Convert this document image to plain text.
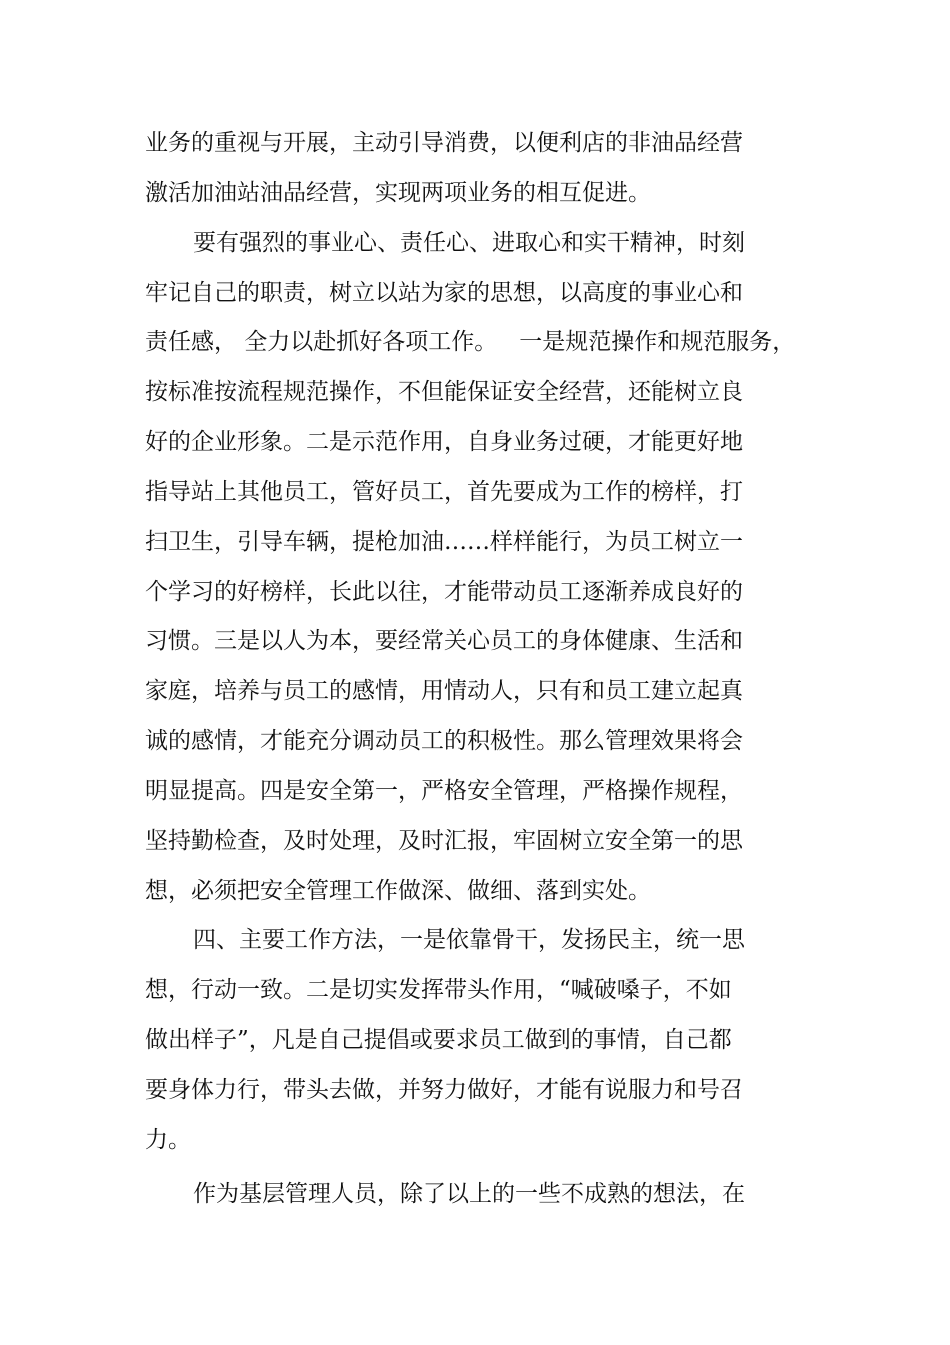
业务的重视与开展，主动引导消费，以便利店的非油品经营

激活加油站油品经营，实现两项业务的相互促进。

要有强烈的事业心、责任心、进取心和实干精神，时刻

牢记自己的职责，树立以站为家的思想，以高度的事业心和

责任感， 全力以赴抓好各项工作。   一是规范操作和规范服务，

按标准按流程规范操作，不但能保证安全经营，还能树立良

好的企业形象。二是示范作用，自身业务过硬，才能更好地

指导站上其他员工，管好员工，首先要成为工作的榜样，打

扫卫生，引导车辆，提枪加油……样样能行，为员工树立一

个学习的好榜样，长此以往，才能带动员工逐渐养成良好的

习惯。三是以人为本，要经常关心员工的身体健康、生活和

家庭，培养与员工的感情，用情动人，只有和员工建立起真

诚的感情，才能充分调动员工的积极性。那么管理效果将会

明显提高。四是安全第一，严格安全管理，严格操作规程，

坚持勤检查，及时处理，及时汇报，牢固树立安全第一的思

想，必须把安全管理工作做深、做细、落到实处。

四、主要工作方法，一是依靠骨干，发扬民主，统一思

想，行动一致。二是切实发挥带头作用，“喊破嗓子，不如

做出样子”，凡是自己提倡或要求员工做到的事情，自己都

要身体力行，带头去做，并努力做好，才能有说服力和号召

力。

作为基层管理人员，除了以上的一些不成熟的想法，在
